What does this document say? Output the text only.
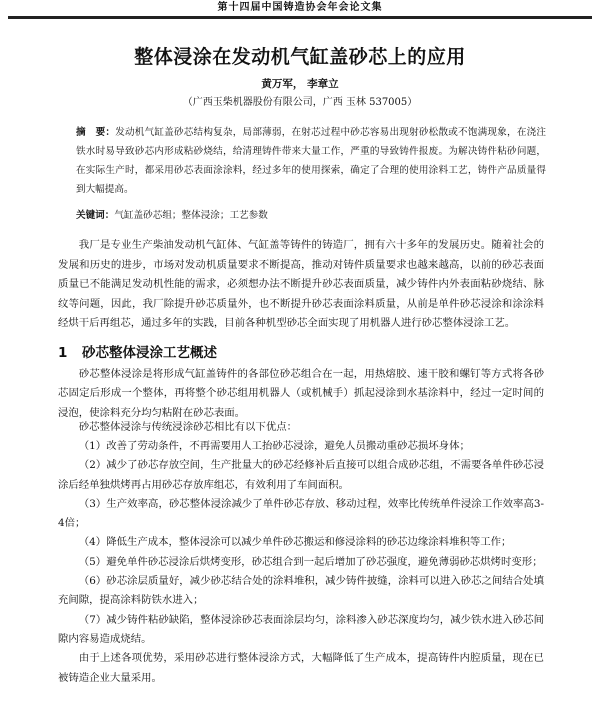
第十四届中国铸造协会年会论文集
整体浸涂在发动机气缸盖砂芯上的应用
黄万军， 李章立
（广西玉柴机器股份有限公司，广西 玉林 537005）
摘　要：发动机气缸盖砂芯结构复杂，局部薄弱，在射芯过程中砂芯容易出现射砂松散或不饱满现象，在浇注铁水时易导致砂芯内形成粘砂烧结，给清理铸件带来大量工作，严重的导致铸件报废。为解决铸件粘砂问题，在实际生产时，都采用砂芯表面涂涂料，经过多年的使用探索，确定了合理的使用涂料工艺，铸件产品质量得到大幅提高。
关键词：气缸盖砂芯组；整体浸涂；工艺参数
我厂是专业生产柴油发动机气缸体、气缸盖等铸件的铸造厂，拥有六十多年的发展历史。随着社会的发展和历史的进步，市场对发动机质量要求不断提高，推动对铸件质量要求也越来越高，以前的砂芯表面质量已不能满足发动机性能的需求，必须想办法不断提升砂芯表面质量，减少铸件内外表面粘砂烧结、脉纹等问题，因此，我厂除提升砂芯质量外，也不断提升砂芯表面涂料质量，从前是单件砂芯浸涂和涂涂料经烘干后再组芯，通过多年的实践，目前各种机型砂芯全面实现了用机器人进行砂芯整体浸涂工艺。
1 砂芯整体浸涂工艺概述
砂芯整体浸涂是将形成气缸盖铸件的各部位砂芯组合在一起，用热熔胶、速干胶和螺钉等方式将各砂芯固定后形成一个整体，再将整个砂芯组用机器人（或机械手）抓起浸涂到水基涂料中，经过一定时间的浸泡，使涂料充分均匀粘附在砂芯表面。
砂芯整体浸涂与传统浸涂砂芯相比有以下优点：
（1）改善了劳动条件，不再需要用人工抬砂芯浸涂，避免人员搬动重砂芯损坏身体；
（2）减少了砂芯存放空间，生产批量大的砂芯经修补后直接可以组合成砂芯组，不需要各单件砂芯浸涂后经单独烘烤再占用砂芯存放库组芯，有效利用了车间面积。
（3）生产效率高，砂芯整体浸涂减少了单件砂芯存放、移动过程，效率比传统单件浸涂工作效率高3-4倍；
（4）降低生产成本，整体浸涂可以减少单件砂芯搬运和修浸涂料的砂芯边缘涂料堆积等工作；
（5）避免单件砂芯浸涂后烘烤变形，砂芯组合到一起后增加了砂芯强度，避免薄弱砂芯烘烤时变形；
（6）砂芯涂层质量好，减少砂芯结合处的涂料堆积，减少铸件披缝，涂料可以进入砂芯之间结合处填充间隙，提高涂料防铁水进入；
（7）减少铸件粘砂缺陷，整体浸涂砂芯表面涂层均匀，涂料渗入砂芯深度均匀，减少铁水进入砂芯间隙内容易造成烧结。
由于上述各项优势，采用砂芯进行整体浸涂方式，大幅降低了生产成本，提高铸件内腔质量，现在已被铸造企业大量采用。
